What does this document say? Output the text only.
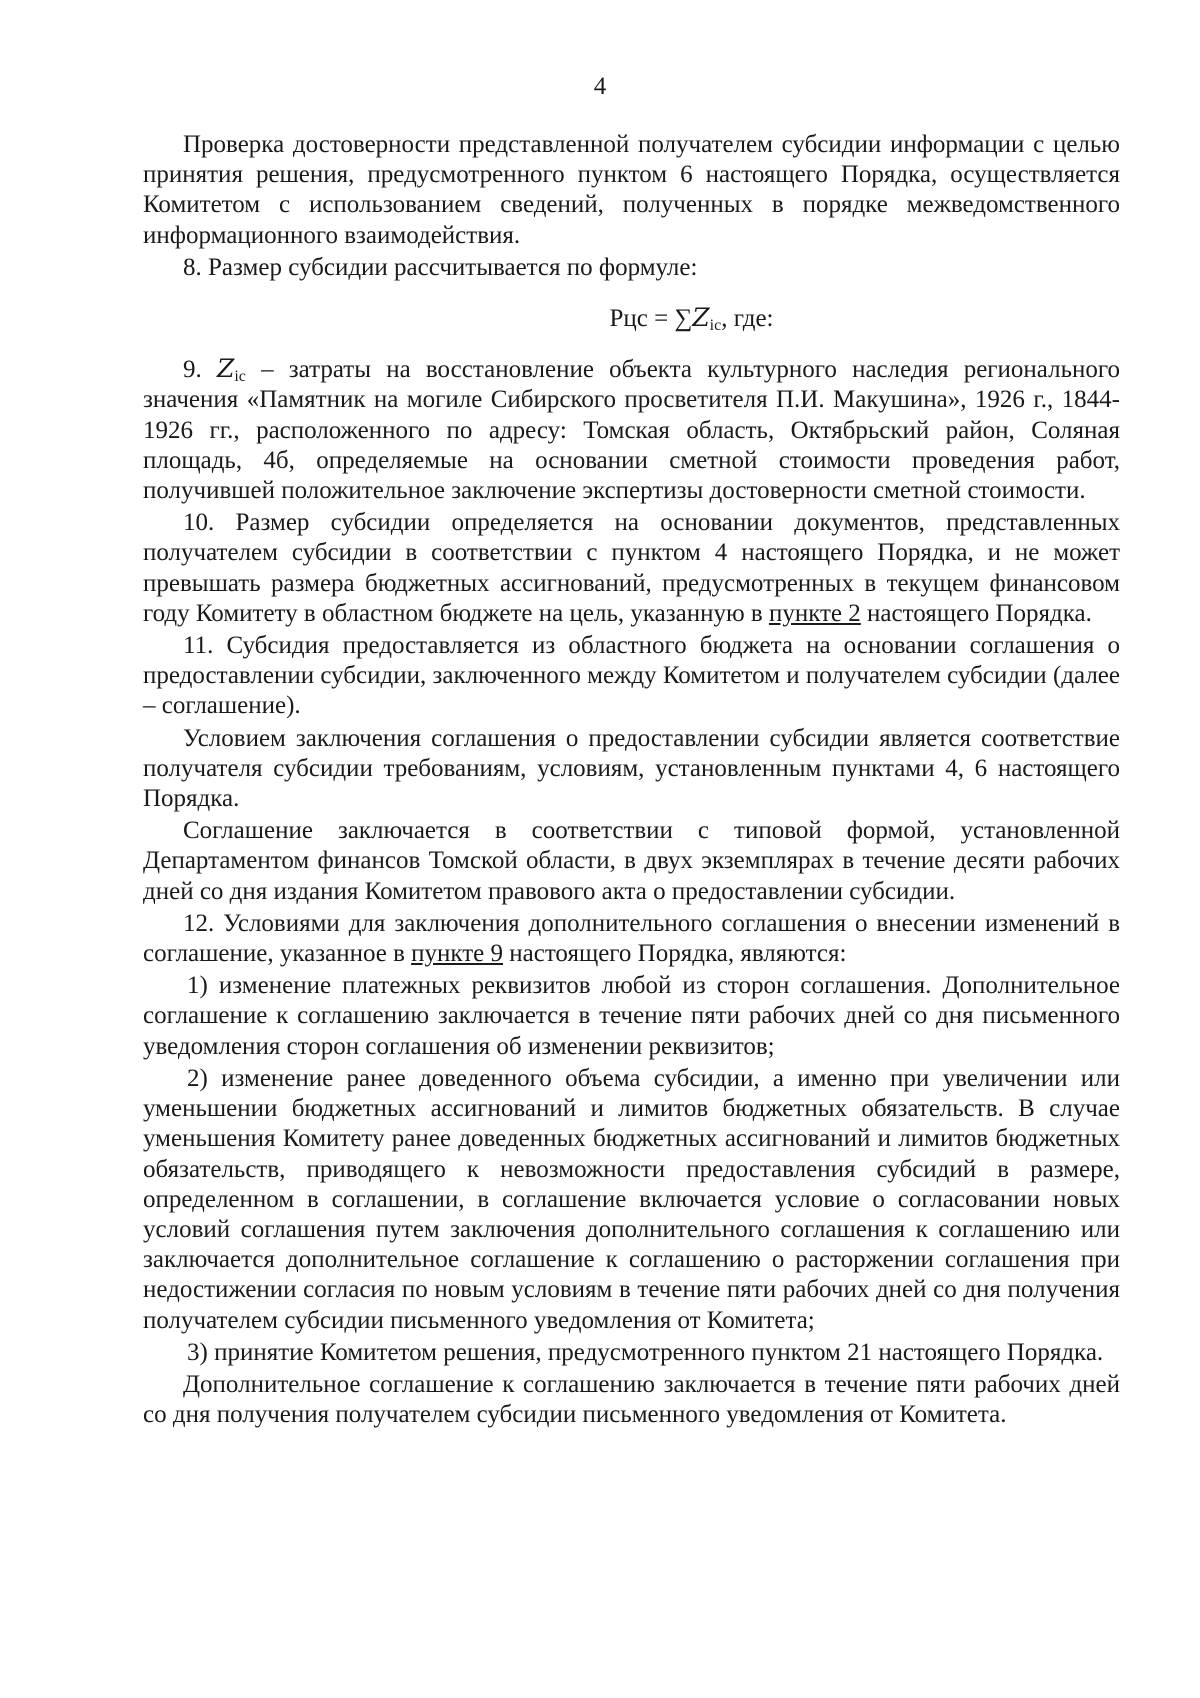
4

Проверка достоверности представленной получателем субсидии информации с целью принятия решения, предусмотренного пунктом 6 настоящего Порядка, осуществляется Комитетом с использованием сведений, полученных в порядке межведомственного информационного взаимодействия.

8. Размер субсидии рассчитывается по формуле:

Рцс = $\sum Z_{ic}$, где:

9. $Z_{ic}$ – затраты на восстановление объекта культурного наследия регионального значения «Памятник на могиле Сибирского просветителя П.И. Макушина», 1926 г., 1844-1926 гг., расположенного по адресу: Томская область, Октябрьский район, Соляная площадь, 4б, определяемые на основании сметной стоимости проведения работ, получившей положительное заключение экспертизы достоверности сметной стоимости.

10. Размер субсидии определяется на основании документов, представленных получателем субсидии в соответствии с пунктом 4 настоящего Порядка, и не может превышать размера бюджетных ассигнований, предусмотренных в текущем финансовом году Комитету в областном бюджете на цель, указанную в пункте 2 настоящего Порядка.

11. Субсидия предоставляется из областного бюджета на основании соглашения о предоставлении субсидии, заключенного между Комитетом и получателем субсидии (далее – соглашение).

Условием заключения соглашения о предоставлении субсидии является соответствие получателя субсидии требованиям, условиям, установленным пунктами 4, 6 настоящего Порядка.

Соглашение заключается в соответствии с типовой формой, установленной Департаментом финансов Томской области, в двух экземплярах в течение десяти рабочих дней со дня издания Комитетом правового акта о предоставлении субсидии.

12. Условиями для заключения дополнительного соглашения о внесении изменений в соглашение, указанное в пункте 9 настоящего Порядка, являются:

1) изменение платежных реквизитов любой из сторон соглашения. Дополнительное соглашение к соглашению заключается в течение пяти рабочих дней со дня письменного уведомления сторон соглашения об изменении реквизитов;

2) изменение ранее доведенного объема субсидии, а именно при увеличении или уменьшении бюджетных ассигнований и лимитов бюджетных обязательств. В случае уменьшения Комитету ранее доведенных бюджетных ассигнований и лимитов бюджетных обязательств, приводящего к невозможности предоставления субсидий в размере, определенном в соглашении, в соглашение включается условие о согласовании новых условий соглашения путем заключения дополнительного соглашения к соглашению или заключается дополнительное соглашение к соглашению о расторжении соглашения при недостижении согласия по новым условиям в течение пяти рабочих дней со дня получения получателем субсидии письменного уведомления от Комитета;

3) принятие Комитетом решения, предусмотренного пунктом 21 настоящего Порядка.

Дополнительное соглашение к соглашению заключается в течение пяти рабочих дней со дня получения получателем субсидии письменного уведомления от Комитета.
